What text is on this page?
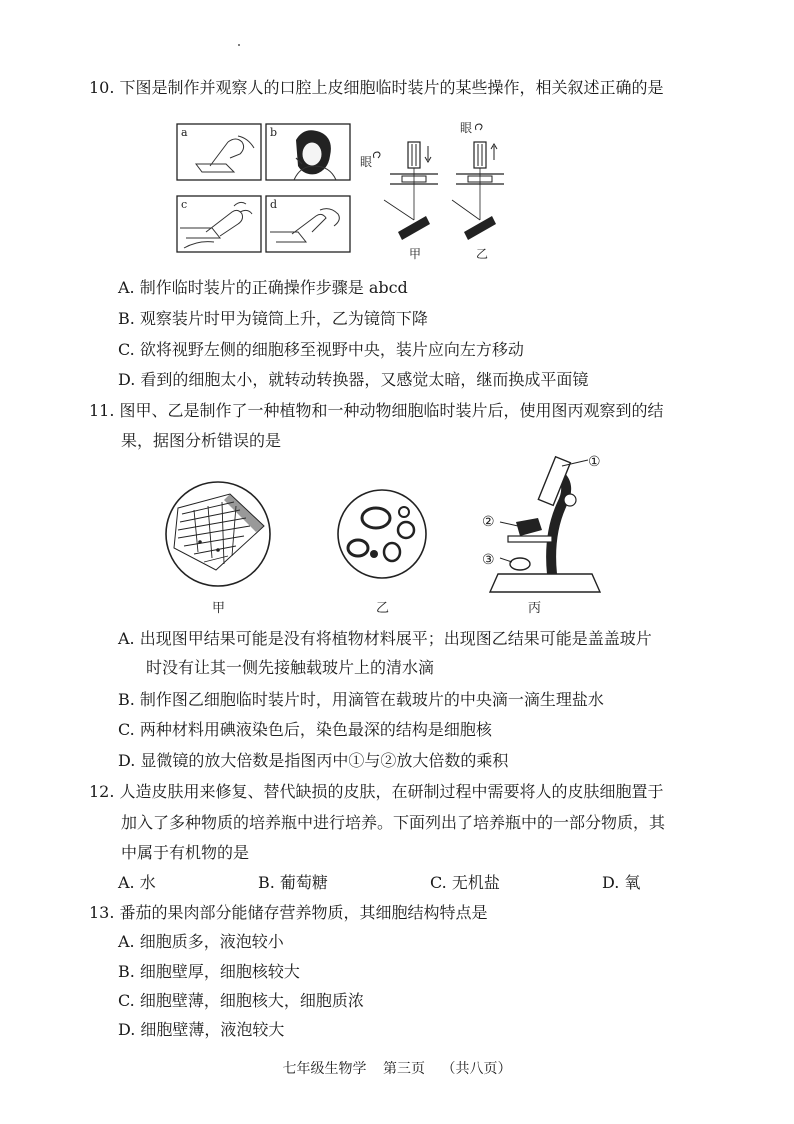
10. 下图是制作并观察人的口腔上皮细胞临时装片的某些操作，相关叙述正确的是
眼
甲
眼
乙
a	b
c	d
A. 制作临时装片的正确操作步骤是 abcd
B. 观察装片时甲为镜筒上升，乙为镜筒下降
C. 欲将视野左侧的细胞移至视野中央，装片应向左方移动
D. 看到的细胞太小，就转动转换器，又感觉太暗，继而换成平面镜
11. 图甲、乙是制作了一种植物和一种动物细胞临时装片后，使用图丙观察到的结
果，据图分析错误的是
甲	乙
①
②
③
丙
A. 出现图甲结果可能是没有将植物材料展平；出现图乙结果可能是盖盖玻片
时没有让其一侧先接触载玻片上的清水滴
B. 制作图乙细胞临时装片时，用滴管在载玻片的中央滴一滴生理盐水
C. 两种材料用碘液染色后，染色最深的结构是细胞核
D. 显微镜的放大倍数是指图丙中①与②放大倍数的乘积
12. 人造皮肤用来修复、替代缺损的皮肤，在研制过程中需要将人的皮肤细胞置于
加入了多种物质的培养瓶中进行培养。下面列出了培养瓶中的一部分物质，其
中属于有机物的是
A. 水	B. 葡萄糖	C. 无机盐	D. 氧
13. 番茄的果肉部分能储存营养物质，其细胞结构特点是
A. 细胞质多，液泡较小
B. 细胞壁厚，细胞核较大
C. 细胞壁薄，细胞核大，细胞质浓
D. 细胞壁薄，液泡较大
七年级生物学 第三页 （共八页）
